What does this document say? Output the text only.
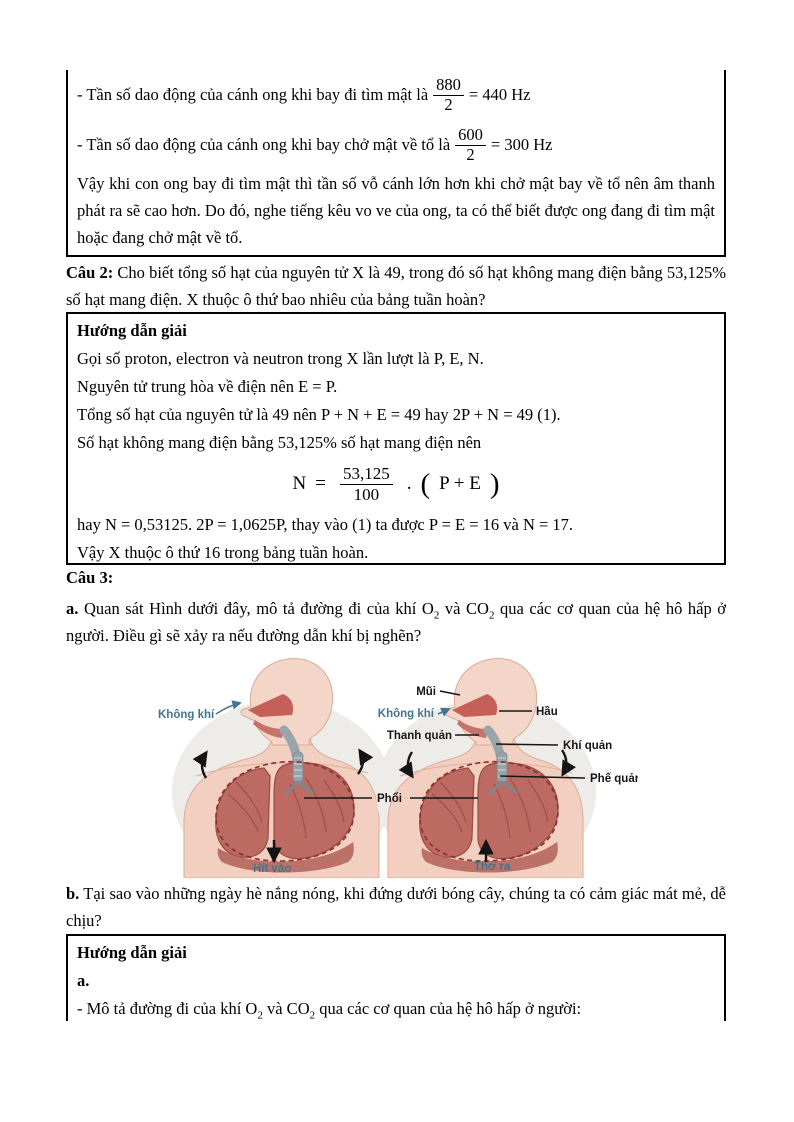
- Tần số dao động của cánh ong khi bay đi tìm mật là $\frac{880}{2} = 440$ Hz
- Tần số dao động của cánh ong khi bay chở mật về tổ là $\frac{600}{2} = 300$ Hz
Vậy khi con ong bay đi tìm mật thì tần số vỗ cánh lớn hơn khi chở mật bay về tổ nên âm thanh phát ra sẽ cao hơn. Do đó, nghe tiếng kêu vo ve của ong, ta có thể biết được ong đang đi tìm mật hoặc đang chở mật về tổ.
Câu 2: Cho biết tổng số hạt của nguyên tử X là 49, trong đó số hạt không mang điện bằng 53,125% số hạt mang điện. X thuộc ô thứ bao nhiêu của bảng tuần hoàn?
Hướng dẫn giải
Gọi số proton, electron và neutron trong X lần lượt là P, E, N.
Nguyên tử trung hòa về điện nên E = P.
Tổng số hạt của nguyên tử là 49 nên P + N + E = 49 hay 2P + N = 49 (1).
Số hạt không mang điện bằng 53,125% số hạt mang điện nên
$N = \frac{53,125}{100}$ . ( P + E )
hay N = 0,53125. 2P = 1,0625P, thay vào (1) ta được P = E = 16 và N = 17.
Vậy X thuộc ô thứ 16 trong bảng tuần hoàn.
Câu 3:
a. Quan sát Hình dưới đây, mô tả đường đi của khí $O_2$ và $CO_2$ qua các cơ quan của hệ hô hấp ở người. Điều gì sẽ xảy ra nếu đường dẫn khí bị nghẽn?
Không khí
Hít vào
Phổi
Mũi
Không khí	Hầu
Thanh quản
Khí quản
Phế quản
Thở ra
b. Tại sao vào những ngày hè nắng nóng, khi đứng dưới bóng cây, chúng ta có cảm giác mát mẻ, dễ chịu?
Hướng dẫn giải
a.
- Mô tả đường đi của khí $O_2$ và $CO_2$ qua các cơ quan của hệ hô hấp ở người:
